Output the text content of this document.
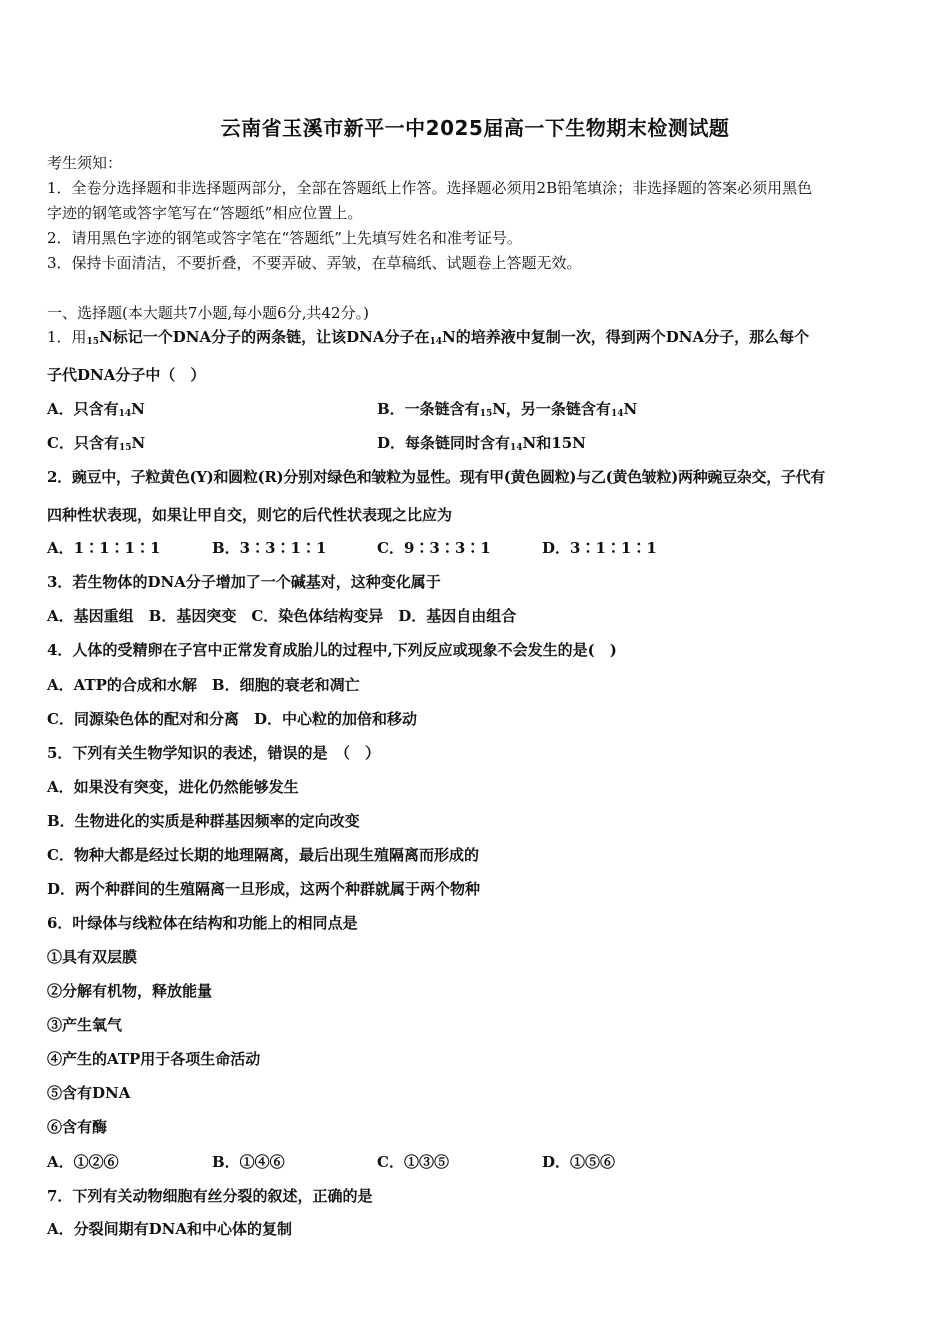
云南省玉溪市新平一中2025届高一下生物期末检测试题
考生须知：
1．全卷分选择题和非选择题两部分，全部在答题纸上作答。选择题必须用2B铅笔填涂；非选择题的答案必须用黑色
字迹的钢笔或答字笔写在“答题纸”相应位置上。
2．请用黑色字迹的钢笔或答字笔在“答题纸”上先填写姓名和准考证号。
3．保持卡面清洁，不要折叠，不要弄破、弄皱，在草稿纸、试题卷上答题无效。
一、选择题(本大题共7小题,每小题6分,共42分。)
1．用$_{15}$N标记一个DNA分子的两条链，让该DNA分子在$_{14}$N的培养液中复制一次，得到两个DNA分子，那么每个
子代DNA分子中（　）
A．只含有$_{14}$N	B．一条链含有$_{15}$N，另一条链含有$_{14}$N
C．只含有$_{15}$N	D．每条链同时含有$_{14}$N和15N
2．豌豆中，子粒黄色(Y)和圆粒(R)分别对绿色和皱粒为显性。现有甲(黄色圆粒)与乙(黄色皱粒)两种豌豆杂交，子代有
四种性状表现，如果让甲自交，则它的后代性状表现之比应为
A．1∶1∶1∶1	B．3∶3∶1∶1	C．9∶3∶3∶1	D．3∶1∶1∶1
3．若生物体的DNA分子增加了一个碱基对，这种变化属于
A．基因重组　B．基因突变　C．染色体结构变异　D．基因自由组合
4．人体的受精卵在子宫中正常发育成胎儿的过程中,下列反应或现象不会发生的是(　)
A．ATP的合成和水解　B．细胞的衰老和凋亡
C．同源染色体的配对和分离　D．中心粒的加倍和移动
5．下列有关生物学知识的表述，错误的是　（　）
A．如果没有突变，进化仍然能够发生
B．生物进化的实质是种群基因频率的定向改变
C．物种大都是经过长期的地理隔离，最后出现生殖隔离而形成的
D．两个种群间的生殖隔离一旦形成，这两个种群就属于两个物种
6．叶绿体与线粒体在结构和功能上的相同点是
①具有双层膜
②分解有机物，释放能量
③产生氧气
④产生的ATP用于各项生命活动
⑤含有DNA
⑥含有酶
A．①②⑥	B．①④⑥	C．①③⑤	D．①⑤⑥
7．下列有关动物细胞有丝分裂的叙述，正确的是
A．分裂间期有DNA和中心体的复制
